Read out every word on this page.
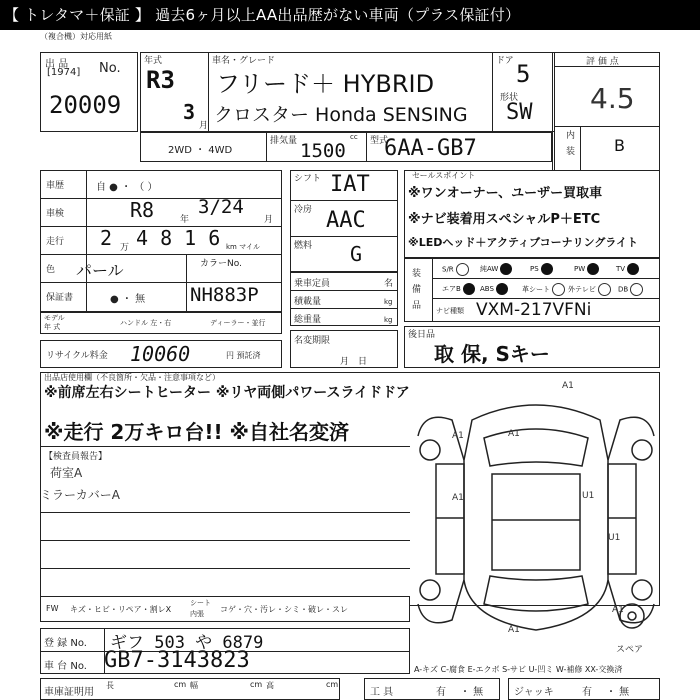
【 トレタマ＋保証 】 過去6ヶ月以上AA出品歴がない車両（プラス保証付）
（複合機）対応用紙
出 品
[1974] No.
20009
年式
R3
3
月
車名・グレード
フリード＋ HYBRID
クロスター Honda SENSING
ドア 5
形状
SW
評 価 点
4.5
内
装 B
2WD ・ 4WD
排気量	cc
1500	型式
6AA-GB7
車歴	自 ● ・ （ ）
車検	R8	年
3/24
月
走行 2 万 4 8 1 6 km マイル
色 パール	カラーNo.
保証書	● ・ 無 NH883P
モデル
年 式	ハンドル 左・右	ディーラー・並行
リサイクル料金 10060	円 預託済
シフト IAT
冷房 AAC
燃料 G
乗車定員	名
積載量	kg
総重量	kg
名変期限
月　日
セールスポイント
※ワンオーナー、ユーザー買取車
※ナビ装着用スペシャルP＋ETC
※LEDヘッド＋アクティブコーナリングライト
装
備
品
S/R	純AW	PS	PW	TV
エアB	ABS	革シート	外テレビ	DB
ナビ種類 VXM-217VFNi
後日品
取 保, Sキー
出品店使用欄（不良箇所・欠品・注意事項など）
※前席左右シートヒーター ※リヤ両側パワースライドドア
※走行 2万キロ台!! ※自社名変済
【検査員報告】
荷室A
ミラーカバーA
A1
A1	A1
A1	U1
U1
A1
A1
スペア
FW キズ・ヒビ・リペア・割レX
シート
内張 コゲ・穴・汚レ・シミ・破レ・スレ
登 録 No. ギフ 503 や 6879
車 台 No. GB7-3143823	A-キズ C-腐食 E-エクボ S-サビ U-凹ミ W-補修 XX-交換済
車庫証明用
長	cm 幅	cm 高	cm
工 具	有 ・ 無	ジャッキ	有 ・ 無
